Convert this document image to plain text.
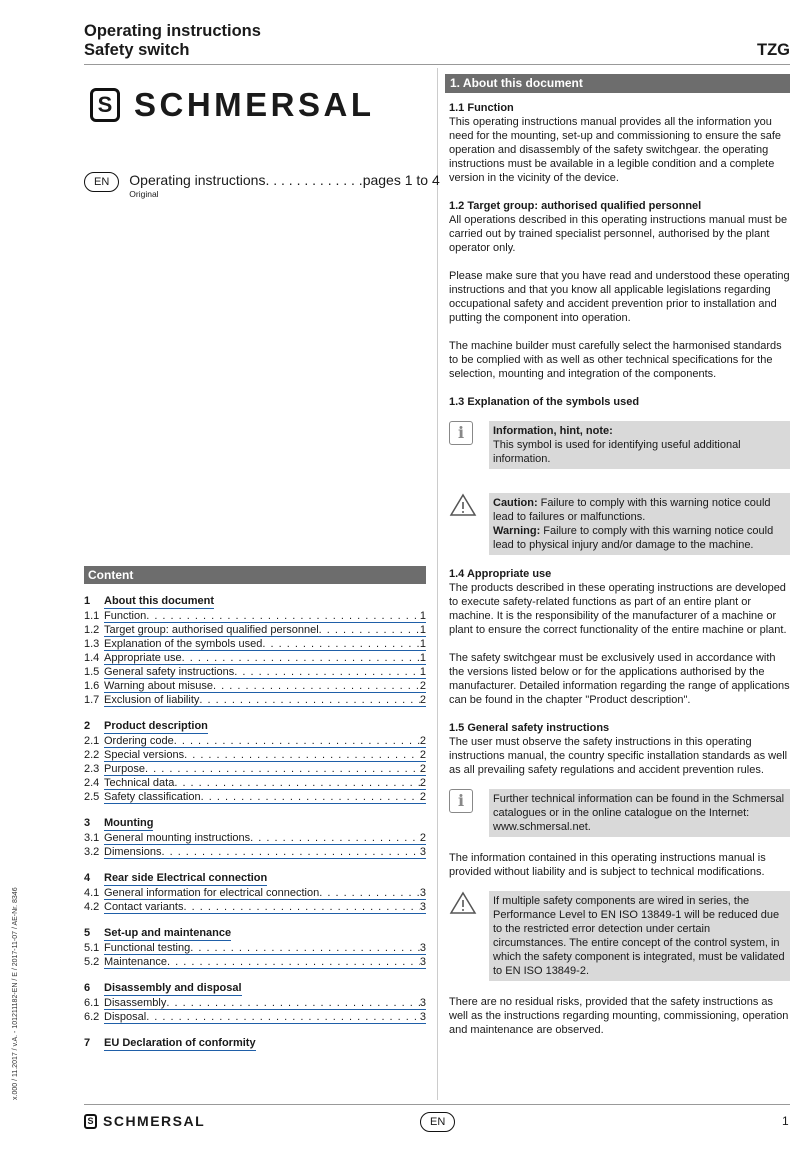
Operating instructions
Safety switch	TZG
S SCHMERSAL
EN	Operating instructions. . . . . . . . . . . . .pages 1 to 4
Original
Content
1	About this document
1.1 Function . . .	1
1.2 Target group: authorised qualified personnel . . .	1
1.3 Explanation of the symbols used . . .	1
1.4 Appropriate use . . .	1
1.5 General safety instructions . . .	1
1.6 Warning about misuse . . .	2
1.7 Exclusion of liability . . .	2
2	Product description
2.1 Ordering code . . .	2
2.2 Special versions . . .	2
2.3 Purpose . . .	2
2.4 Technical data . . .	2
2.5 Safety classification . . .	2
3	Mounting
3.1 General mounting instructions . . .	2
3.2 Dimensions . . .	3
4	Rear side Electrical connection
4.1 General information for electrical connection . . .	3
4.2 Contact variants . . .	3
5	Set-up and maintenance
5.1 Functional testing . . .	3
5.2 Maintenance . . .	3
6	Disassembly and disposal
6.1 Disassembly . . .	3
6.2 Disposal . . .	3
7	EU Declaration of conformity
x.000 / 11.2017 / v.A. - 101211182-EN / E / 2017-11-07 / AE-Nr. 8346
1. About this document
1.1 Function

This operating instructions manual provides all the information you need for the mounting, set-up and commissioning to ensure the safe operation and disassembly of the safety switchgear. the operating instructions must be available in a legible condition and a complete version in the vicinity of the device.

1.2 Target group: authorised qualified personnel

All operations described in this operating instructions manual must be carried out by trained specialist personnel, authorised by the plant operator only.

Please make sure that you have read and understood these operating instructions and that you know all applicable legislations regarding occupational safety and accident prevention prior to installation and putting the component into operation.

The machine builder must carefully select the harmonised standards to be complied with as well as other technical specifications for the selection, mounting and integration of the components.

1.3 Explanation of the symbols used
i	Information, hint, note:
This symbol is used for identifying useful additional information.
Caution: Failure to comply with this warning notice could lead to failures or malfunctions.
Warning: Failure to comply with this warning notice could lead to physical injury and/or damage to the machine.
1.4 Appropriate use

The products described in these operating instructions are developed to execute safety-related functions as part of an entire plant or machine. It is the responsibility of the manufacturer of a machine or plant to ensure the correct functionality of the entire machine or plant.

The safety switchgear must be exclusively used in accordance with the versions listed below or for the applications authorised by the manufacturer. Detailed information regarding the range of applications can be found in the chapter "Product description".

1.5 General safety instructions

The user must observe the safety instructions in this operating instructions manual, the country specific installation standards as well as all prevailing safety regulations and accident prevention rules.

i	Further technical information can be found in the Schmersal catalogues or in the online catalogue on the Internet: www.schmersal.net.

The information contained in this operating instructions manual is provided without liability and is subject to technical modifications.

If multiple safety components are wired in series, the Performance Level to EN ISO 13849-1 will be reduced due to the restricted error detection under certain circumstances. The entire concept of the control system, in which the safety component is integrated, must be validated to EN ISO 13849-2.

There are no residual risks, provided that the safety instructions as well as the instructions regarding mounting, commissioning, operation and maintenance are observed.

S SCHMERSAL	EN	1
